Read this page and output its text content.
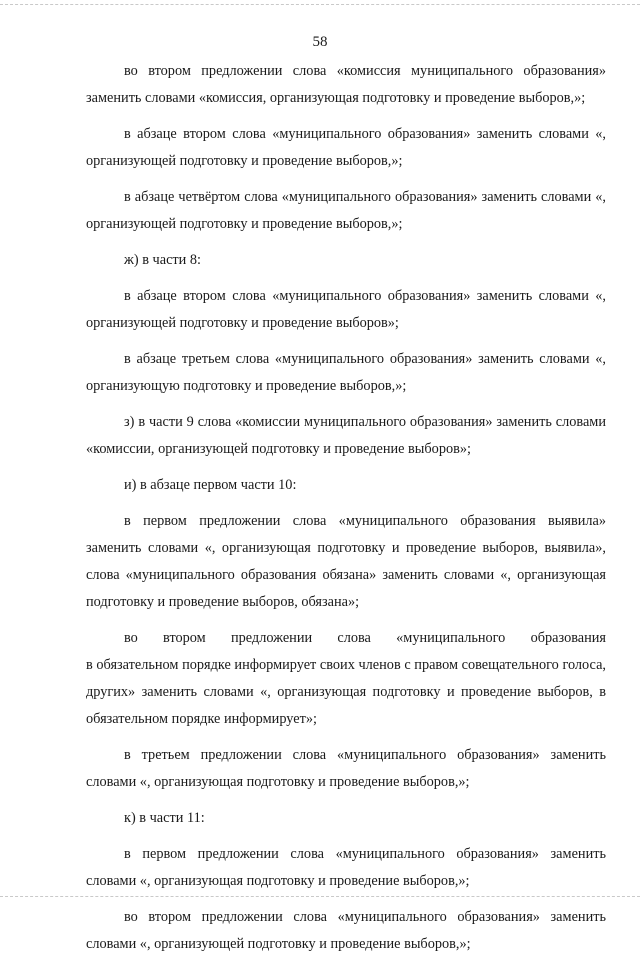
58

во втором предложении слова «комиссия муниципального образования» заменить словами «комиссия, организующая подготовку и проведение выборов,»;

в абзаце втором слова «муниципального образования» заменить словами «, организующей подготовку и проведение выборов,»;

в абзаце четвёртом слова «муниципального образования» заменить словами «, организующей подготовку и проведение выборов,»;

ж) в части 8:

в абзаце втором слова «муниципального образования» заменить словами «, организующей подготовку и проведение выборов»;

в абзаце третьем слова «муниципального образования» заменить словами «, организующую подготовку и проведение выборов,»;

з) в части 9 слова «комиссии муниципального образования» заменить словами «комиссии, организующей подготовку и проведение выборов»;

и) в абзаце первом части 10:

в первом предложении слова «муниципального образования выявила» заменить словами «, организующая подготовку и проведение выборов, выявила», слова «муниципального образования обязана» заменить словами «, организующая подготовку и проведение выборов, обязана»;

во втором предложении слова «муниципального образования

в обязательном порядке информирует своих членов с правом совещательного голоса, других» заменить словами «, организующая подготовку и проведение выборов, в обязательном порядке информирует»;

в третьем предложении слова «муниципального образования» заменить словами «, организующая подготовку и проведение выборов,»;

к) в части 11:

в первом предложении слова «муниципального образования» заменить словами «, организующая подготовку и проведение выборов,»;

во втором предложении слова «муниципального образования» заменить словами «, организующей подготовку и проведение выборов,»;
